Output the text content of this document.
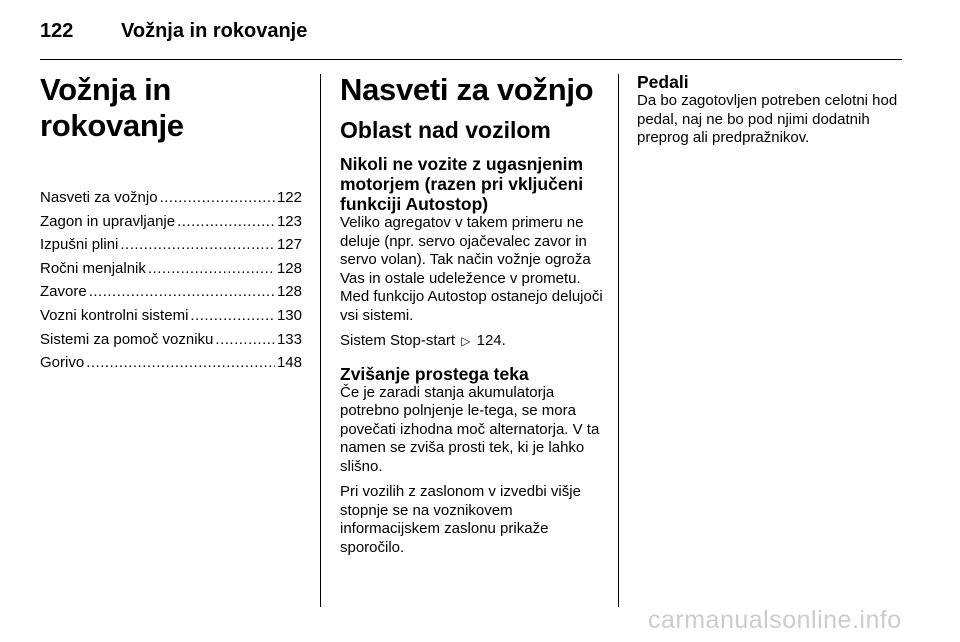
122 Vožnja in rokovanje
Vožnja in rokovanje
Nasveti za vožnjo .....	122
Zagon in upravljanje .....	123
Izpušni plini .....	127
Ročni menjalnik .....	128
Zavore .....	128
Vozni kontrolni sistemi .....	130
Sistemi za pomoč vozniku .....	133
Gorivo .....	148
Nasveti za vožnjo
Oblast nad vozilom
Nikoli ne vozite z ugasnjenim motorjem (razen pri vključeni funkciji Autostop)

Veliko agregatov v takem primeru ne deluje (npr. servo ojačevalec zavor in servo volan). Tak način vožnje ogroža Vas in ostale udeležence v prometu. Med funkcijo Autostop ostanejo delujoči vsi sistemi.

Sistem Stop-start ▷ 124.

Zvišanje prostega teka

Če je zaradi stanja akumulatorja potrebno polnjenje le-tega, se mora povečati izhodna moč alternatorja. V ta namen se zviša prosti tek, ki je lahko slišno.

Pri vozilih z zaslonom v izvedbi višje stopnje se na voznikovem informacijskem zaslonu prikaže sporočilo.

Pedali

Da bo zagotovljen potreben celotni hod pedal, naj ne bo pod njimi dodatnih preprog ali predpražnikov.

carmanualsonline.info
